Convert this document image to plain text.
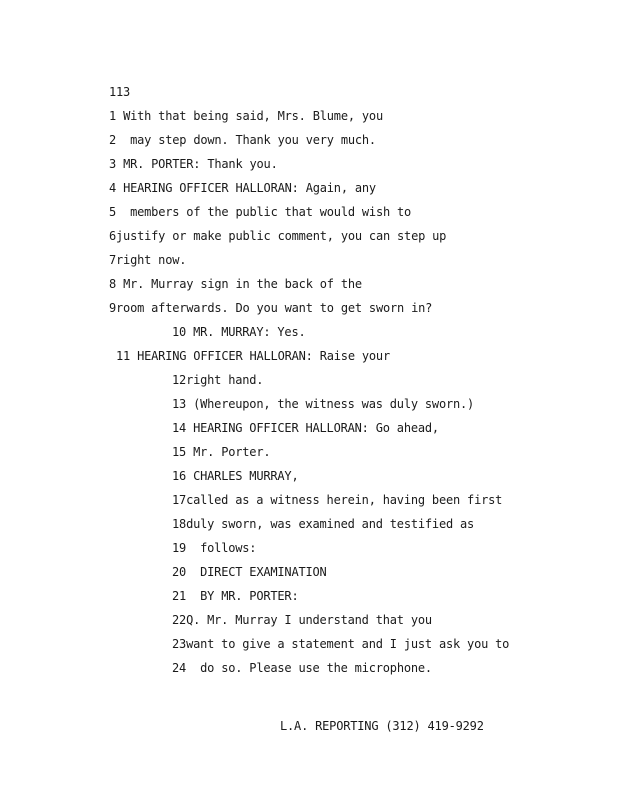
113
1 With that being said, Mrs. Blume, you
2 may step down. Thank you very much.
3 MR. PORTER: Thank you.
4 HEARING OFFICER HALLORAN: Again, any
5 members of the public that would wish to
6justify or make public comment, you can step up
7right now.
8 Mr. Murray sign in the back of the
9room afterwards. Do you want to get sworn in?
10 MR. MURRAY: Yes.
11 HEARING OFFICER HALLORAN: Raise your
12right hand.
13 (Whereupon, the witness was duly sworn.)
14 HEARING OFFICER HALLORAN: Go ahead,
15 Mr. Porter.
16 CHARLES MURRAY,
17called as a witness herein, having been first
18duly sworn, was examined and testified as
19 follows:
20 DIRECT EXAMINATION
21 BY MR. PORTER:
22Q. Mr. Murray I understand that you
23want to give a statement and I just ask you to
24 do so. Please use the microphone.
L.A. REPORTING (312) 419-9292
